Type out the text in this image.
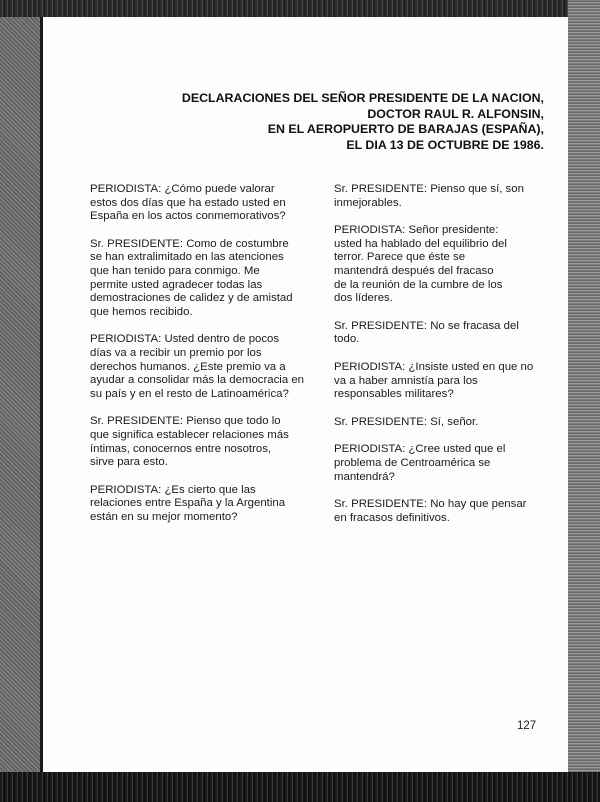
DECLARACIONES DEL SEÑOR PRESIDENTE DE LA NACION,
DOCTOR RAUL R. ALFONSIN,
EN EL AEROPUERTO DE BARAJAS (ESPAÑA),
EL DIA 13 DE OCTUBRE DE 1986.

PERIODISTA: ¿Cómo puede valorar
estos dos días que ha estado usted en
España en los actos conmemorativos?

Sr. PRESIDENTE: Como de costumbre
se han extralimitado en las atenciones
que han tenido para conmigo. Me
permite usted agradecer todas las
demostraciones de calidez y de amistad
que hemos recibido.

PERIODISTA: Usted dentro de pocos
días va a recibir un premio por los
derechos humanos. ¿Este premio va a
ayudar a consolidar más la democracia en
su país y en el resto de Latinoamérica?

Sr. PRESIDENTE: Pienso que todo lo
que significa establecer relaciones más
íntimas, conocernos entre nosotros,
sirve para esto.

PERIODISTA: ¿Es cierto que las
relaciones entre España y la Argentina
están en su mejor momento?

Sr. PRESIDENTE: Pienso que sí, son
inmejorables.

PERIODISTA: Señor presidente:
usted ha hablado del equilibrio del
terror. Parece que éste se
mantendrá después del fracaso
de la reunión de la cumbre de los
dos líderes.

Sr. PRESIDENTE: No se fracasa del
todo.

PERIODISTA: ¿Insiste usted en que no
va a haber amnistía para los
responsables militares?

Sr. PRESIDENTE: Sí, señor.

PERIODISTA: ¿Cree usted que el
problema de Centroamérica se
mantendrá?

Sr. PRESIDENTE: No hay que pensar
en fracasos definitivos.

127
